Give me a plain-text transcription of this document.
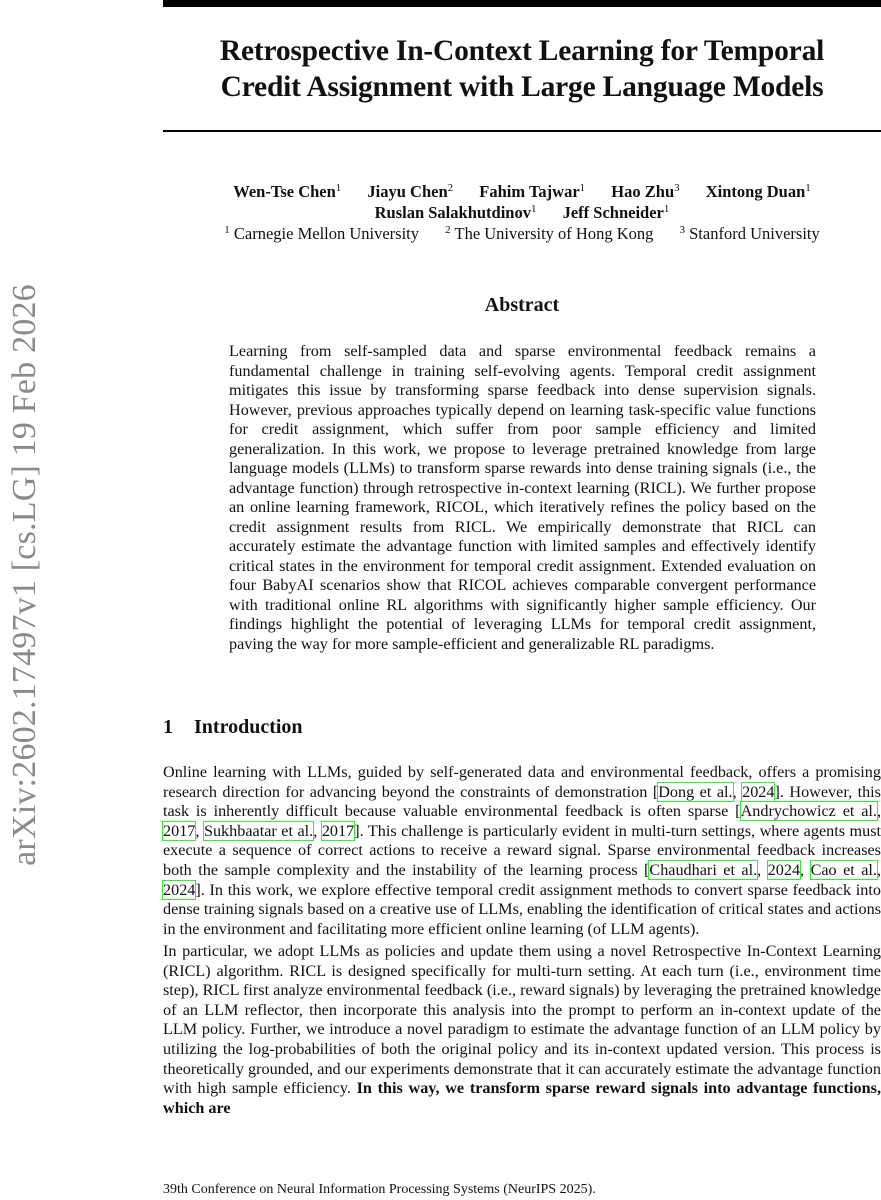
arXiv:2602.17497v1 [cs.LG] 19 Feb 2026
Retrospective In-Context Learning for Temporal
Credit Assignment with Large Language Models
Wen-Tse Chen$^1$ Jiayu Chen$^2$ Fahim Tajwar$^1$ Hao Zhu$^3$ Xintong Duan$^1$
Ruslan Salakhutdinov$^1$ Jeff Schneider$^1$
$^1$ Carnegie Mellon University $^2$ The University of Hong Kong $^3$ Stanford University
Abstract
Learning from self-sampled data and sparse environmental feedback remains a fundamental challenge in training self-evolving agents. Temporal credit assignment mitigates this issue by transforming sparse feedback into dense supervision signals. However, previous approaches typically depend on learning task-specific value functions for credit assignment, which suffer from poor sample efficiency and limited generalization. In this work, we propose to leverage pretrained knowledge from large language models (LLMs) to transform sparse rewards into dense training signals (i.e., the advantage function) through retrospective in-context learning (RICL). We further propose an online learning framework, RICOL, which iteratively refines the policy based on the credit assignment results from RICL. We empirically demonstrate that RICL can accurately estimate the advantage function with limited samples and effectively identify critical states in the environment for temporal credit assignment. Extended evaluation on four BabyAI scenarios show that RICOL achieves comparable convergent performance with traditional online RL algorithms with significantly higher sample efficiency. Our findings highlight the potential of leveraging LLMs for temporal credit assignment, paving the way for more sample-efficient and generalizable RL paradigms.
1 Introduction
Online learning with LLMs, guided by self-generated data and environmental feedback, offers a promising research direction for advancing beyond the constraints of demonstration [Dong et al., 2024]. However, this task is inherently difficult because valuable environmental feedback is often sparse [Andrychowicz et al., 2017, Sukhbaatar et al., 2017]. This challenge is particularly evident in multi-turn settings, where agents must execute a sequence of correct actions to receive a reward signal. Sparse environmental feedback increases both the sample complexity and the instability of the learning process [Chaudhari et al., 2024, Cao et al., 2024]. In this work, we explore effective temporal credit assignment methods to convert sparse feedback into dense training signals based on a creative use of LLMs, enabling the identification of critical states and actions in the environment and facilitating more efficient online learning (of LLM agents).
In particular, we adopt LLMs as policies and update them using a novel Retrospective In-Context Learning (RICL) algorithm. RICL is designed specifically for multi-turn setting. At each turn (i.e., environment time step), RICL first analyze environmental feedback (i.e., reward signals) by leveraging the pretrained knowledge of an LLM reflector, then incorporate this analysis into the prompt to perform an in-context update of the LLM policy. Further, we introduce a novel paradigm to estimate the advantage function of an LLM policy by utilizing the log-probabilities of both the original policy and its in-context updated version. This process is theoretically grounded, and our experiments demonstrate that it can accurately estimate the advantage function with high sample efficiency. In this way, we transform sparse reward signals into advantage functions, which are
39th Conference on Neural Information Processing Systems (NeurIPS 2025).
